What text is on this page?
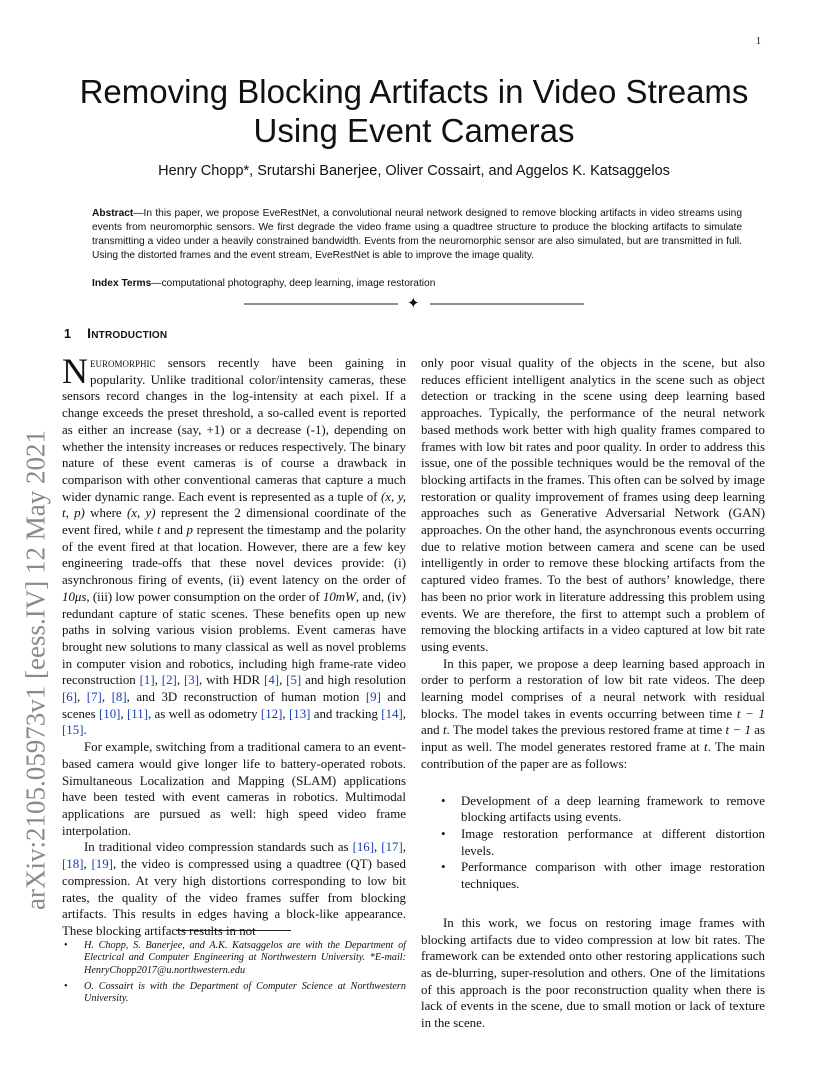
1
arXiv:2105.05973v1 [eess.IV] 12 May 2021
Removing Blocking Artifacts in Video Streams Using Event Cameras
Henry Chopp*, Srutarshi Banerjee, Oliver Cossairt, and Aggelos K. Katsaggelos
Abstract—In this paper, we propose EveRestNet, a convolutional neural network designed to remove blocking artifacts in video streams using events from neuromorphic sensors. We first degrade the video frame using a quadtree structure to produce the blocking artifacts to simulate transmitting a video under a heavily constrained bandwidth. Events from the neuromorphic sensor are also simulated, but are transmitted in full. Using the distorted frames and the event stream, EveRestNet is able to improve the image quality.
Index Terms—computational photography, deep learning, image restoration
✦
1 Introduction

Neuromorphic sensors recently have been gaining in popularity. Unlike traditional color/intensity cameras, these sensors record changes in the log-intensity at each pixel. If a change exceeds the preset threshold, a so-called event is reported as either an increase (say, +1) or a decrease (-1), depending on whether the intensity increases or reduces respectively. The binary nature of these event cameras is of course a drawback in comparison with other conventional cameras that capture a much wider dynamic range. Each event is represented as a tuple of (x, y, t, p) where (x, y) represent the 2 dimensional coordinate of the event fired, while t and p represent the timestamp and the polarity of the event fired at that location. However, there are a few key engineering trade-offs that these novel devices provide: (i) asynchronous firing of events, (ii) event latency on the order of 10μs, (iii) low power consumption on the order of 10mW, and, (iv) redundant capture of static scenes. These benefits open up new paths in solving various vision problems. Event cameras have brought new solutions to many classical as well as novel problems in computer vision and robotics, including high frame-rate video reconstruction [ 1 ] , [ 2 ] , [ 3 ] , with HDR [ 4 ] , [ 5 ] and high resolution [ 6 ] , [ 7 ] , [ 8 ] , and 3D reconstruction of human motion [ 9 ] and scenes [ 10 ] , [ 11 ] , as well as odometry [ 12 ] , [ 13 ] and tracking [ 14 ] , [ 15 ] .

For example, switching from a traditional camera to an event-based camera would give longer life to battery-operated robots. Simultaneous Localization and Mapping (SLAM) applications have been tested with event cameras in robotics. Multimodal applications are pursued as well: high speed video frame interpolation.

In traditional video compression standards such as [ 16 ] , [ 17 ] , [ 18 ] , [ 19 ] , the video is compressed using a quadtree (QT) based compression. At very high distortions corresponding to low bit rates, the quality of the video frames suffer from blocking artifacts. This results in edges having a block-like appearance. These blocking artifacts results in not

• H. Chopp, S. Banerjee, and A.K. Katsaggelos are with the Department of Electrical and Computer Engineering at Northwestern University. *E-mail: HenryChopp2017@u.northwestern.edu
• O. Cossairt is with the Department of Computer Science at Northwestern University.

only poor visual quality of the objects in the scene, but also reduces efficient intelligent analytics in the scene such as object detection or tracking in the scene using deep learning based approaches. Typically, the performance of the neural network based methods work better with high quality frames compared to frames with low bit rates and poor quality. In order to address this issue, one of the possible techniques would be the removal of the blocking artifacts in the frames. This often can be solved by image restoration or quality improvement of frames using deep learning approaches such as Generative Adversarial Network (GAN) approaches. On the other hand, the asynchronous events occurring due to relative motion between camera and scene can be used intelligently in order to remove these blocking artifacts from the captured video frames. To the best of authors’ knowledge, there has been no prior work in literature addressing this problem using events. We are therefore, the first to attempt such a problem of removing the blocking artifacts in a video captured at low bit rate using events.

In this paper, we propose a deep learning based approach in order to perform a restoration of low bit rate videos. The deep learning model comprises of a neural network with residual blocks. The model takes in events occurring between time t − 1 and t. The model takes the previous restored frame at time t − 1 as input as well. The model generates restored frame at t. The main contribution of the paper are as follows:

• Development of a deep learning framework to remove blocking artifacts using events.
• Image restoration performance at different distortion levels.
• Performance comparison with other image restoration techniques.

In this work, we focus on restoring image frames with blocking artifacts due to video compression at low bit rates. The framework can be extended onto other restoring applications such as de-blurring, super-resolution and others. One of the limitations of this approach is the poor reconstruction quality when there is lack of events in the scene, due to small motion or lack of texture in the scene.
